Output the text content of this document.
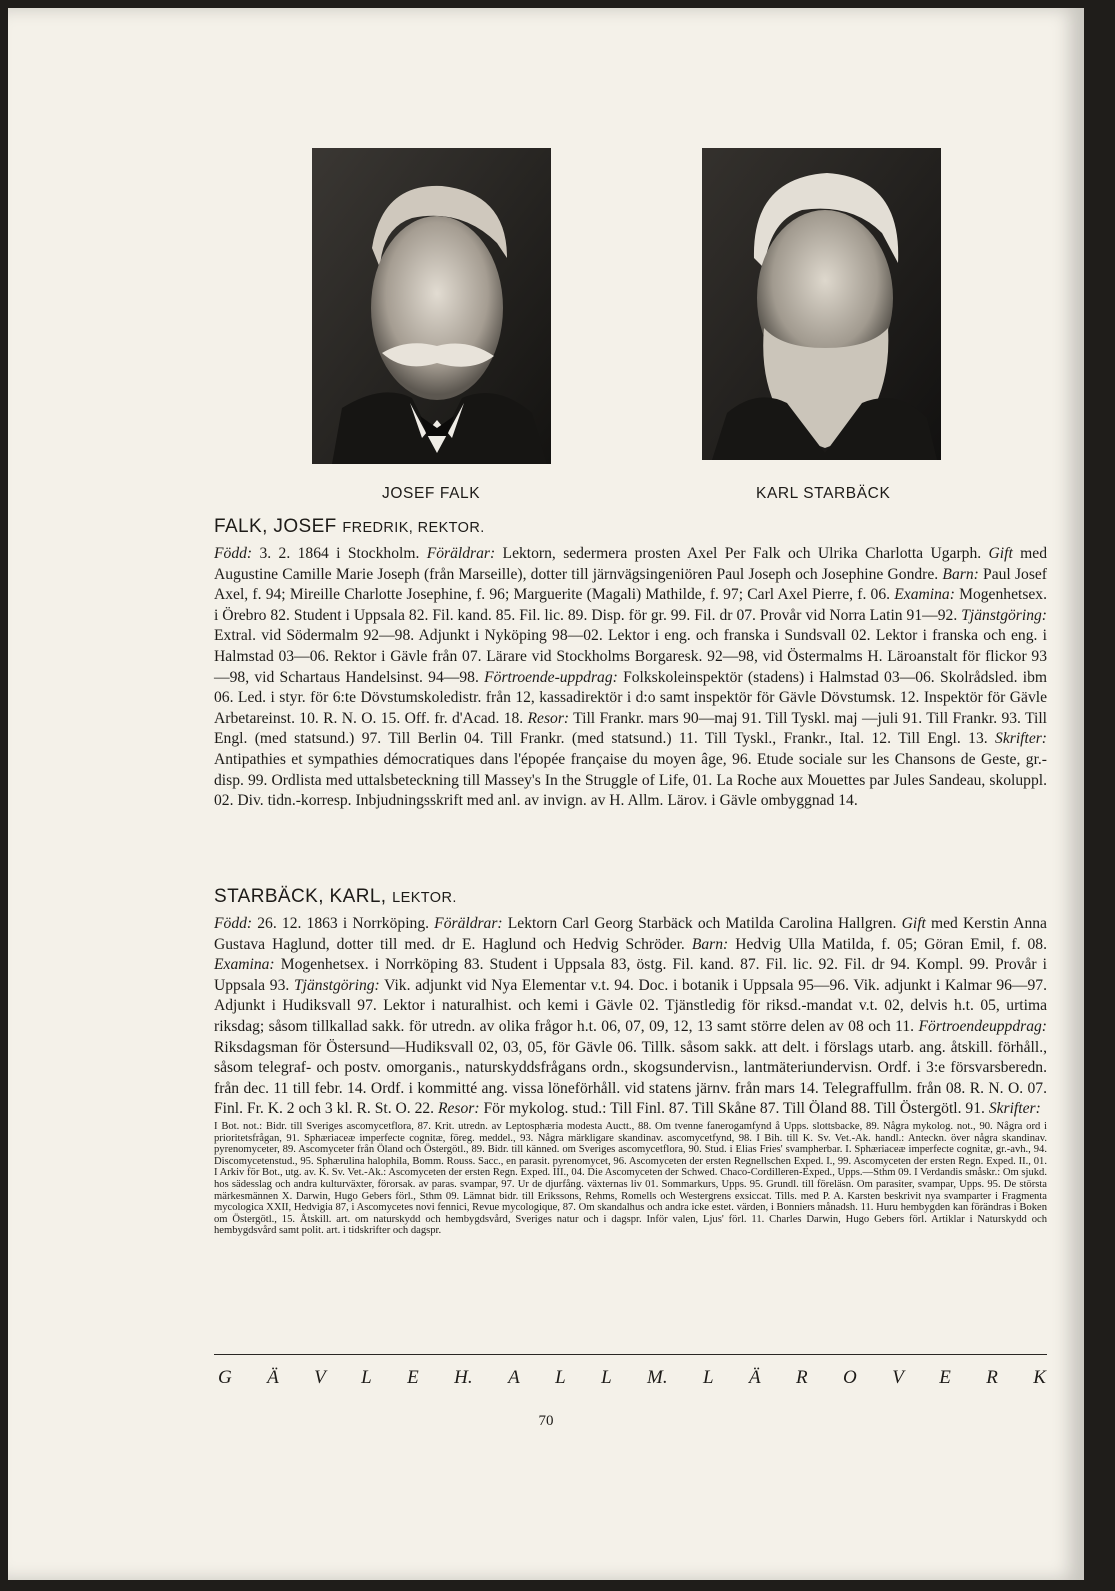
JOSEF FALK	KARL STARBÄCK
FALK, JOSEF FREDRIK, REKTOR.

Född: 3. 2. 1864 i Stockholm. Föräldrar: Lektorn, sedermera prosten Axel Per Falk och Ulrika Charlotta Ugarph. Gift med Augustine Camille Marie Joseph (från Marseille), dotter till järnvägsingeniören Paul Joseph och Josephine Gondre. Barn: Paul Josef Axel, f. 94; Mireille Charlotte Josephine, f. 96; Marguerite (Magali) Mathilde, f. 97; Carl Axel Pierre, f. 06. Examina: Mogenhetsex. i Örebro 82. Student i Uppsala 82. Fil. kand. 85. Fil. lic. 89. Disp. för gr. 99. Fil. dr 07. Provår vid Norra Latin 91—92. Tjänstgöring: Extral. vid Södermalm 92—98. Adjunkt i Nyköping 98—02. Lektor i eng. och franska i Sundsvall 02. Lektor i franska och eng. i Halmstad 03—06. Rektor i Gävle från 07. Lärare vid Stockholms Borgaresk. 92—98, vid Östermalms H. Läroanstalt för flickor 93—98, vid Schartaus Handelsinst. 94—98. Förtroende-uppdrag: Folkskoleinspektör (stadens) i Halmstad 03—06. Skolrådsled. ibm 06. Led. i styr. för 6:te Dövstumskoledistr. från 12, kassadirektör i d:o samt inspektör för Gävle Dövstumsk. 12. Inspektör för Gävle Arbetareinst. 10. R. N. O. 15. Off. fr. d'Acad. 18. Resor: Till Frankr. mars 90—maj 91. Till Tyskl. maj —juli 91. Till Frankr. 93. Till Engl. (med statsund.) 97. Till Berlin 04. Till Frankr. (med statsund.) 11. Till Tyskl., Frankr., Ital. 12. Till Engl. 13. Skrifter: Antipathies et sympathies démocratiques dans l'épopée française du moyen âge, 96. Etude sociale sur les Chansons de Geste, gr.-disp. 99. Ordlista med uttalsbeteckning till Massey's In the Struggle of Life, 01. La Roche aux Mouettes par Jules Sandeau, skoluppl. 02. Div. tidn.-korresp. Inbjudningsskrift med anl. av invign. av H. Allm. Lärov. i Gävle ombyggnad 14.

STARBÄCK, KARL, LEKTOR.

Född: 26. 12. 1863 i Norrköping. Föräldrar: Lektorn Carl Georg Starbäck och Matilda Carolina Hallgren. Gift med Kerstin Anna Gustava Haglund, dotter till med. dr E. Haglund och Hedvig Schröder. Barn: Hedvig Ulla Matilda, f. 05; Göran Emil, f. 08. Examina: Mogenhetsex. i Norrköping 83. Student i Uppsala 83, östg. Fil. kand. 87. Fil. lic. 92. Fil. dr 94. Kompl. 99. Provår i Uppsala 93. Tjänstgöring: Vik. adjunkt vid Nya Elementar v.t. 94. Doc. i botanik i Uppsala 95—96. Vik. adjunkt i Kalmar 96—97. Adjunkt i Hudiksvall 97. Lektor i naturalhist. och kemi i Gävle 02. Tjänstledig för riksd.-mandat v.t. 02, delvis h.t. 05, urtima riksdag; såsom tillkallad sakk. för utredn. av olika frågor h.t. 06, 07, 09, 12, 13 samt större delen av 08 och 11. Förtroendeuppdrag: Riksdagsman för Östersund—Hudiksvall 02, 03, 05, för Gävle 06. Tillk. såsom sakk. att delt. i förslags utarb. ang. åtskill. förhåll., såsom telegraf- och postv. omorganis., naturskyddsfrågans ordn., skogsundervisn., lantmäteriundervisn. Ordf. i 3:e försvarsberedn. från dec. 11 till febr. 14. Ordf. i kommitté ang. vissa löneförhåll. vid statens järnv. från mars 14. Telegraffullm. från 08. R. N. O. 07. Finl. Fr. K. 2 och 3 kl. R. St. O. 22. Resor: För mykolog. stud.: Till Finl. 87. Till Skåne 87. Till Öland 88. Till Östergötl. 91. Skrifter:
I Bot. not.: Bidr. till Sveriges ascomycetflora, 87. Krit. utredn. av Leptosphæria modesta Auctt., 88. Om tvenne fanerogamfynd å Upps. slottsbacke, 89. Några mykolog. not., 90. Några ord i prioritetsfrågan, 91. Sphæriaceæ imperfecte cognitæ, föreg. meddel., 93. Några märkligare skandinav. ascomycetfynd, 98. I Bih. till K. Sv. Vet.-Ak. handl.: Anteckn. över några skandinav. pyrenomyceter, 89. Ascomyceter från Öland och Östergötl., 89. Bidr. till känned. om Sveriges ascomycetflora, 90. Stud. i Elias Fries' svampherbar. I. Sphæriaceæ imperfecte cognitæ, gr.-avh., 94. Discomycetenstud., 95. Sphærulina halophila, Bomm. Rouss. Sacc., en parasit. pyrenomycet, 96. Ascomyceten der ersten Regnellschen Exped. I., 99. Ascomyceten der ersten Regn. Exped. II., 01. I Arkiv för Bot., utg. av. K. Sv. Vet.-Ak.: Ascomyceten der ersten Regn. Exped. III., 04. Die Ascomyceten der Schwed. Chaco-Cordilleren-Exped., Upps.—Sthm 09. I Verdandis småskr.: Om sjukd. hos sädesslag och andra kulturväxter, förorsak. av paras. svampar, 97. Ur de djurfång. växternas liv 01. Sommarkurs, Upps. 95. Grundl. till föreläsn. Om parasiter, svampar, Upps. 95. De största märkesmännen X. Darwin, Hugo Gebers förl., Sthm 09. Lämnat bidr. till Erikssons, Rehms, Romells och Westergrens exsiccat. Tills. med P. A. Karsten beskrivit nya svamparter i Fragmenta mycologica XXII, Hedvigia 87, i Ascomycetes novi fennici, Revue mycologique, 87. Om skandalhus och andra icke estet. värden, i Bonniers månadsh. 11. Huru hembygden kan förändras i Boken om Östergötl., 15. Åtskill. art. om naturskydd och hembygdsvård, Sveriges natur och i dagspr. Inför valen, Ljus' förl. 11. Charles Darwin, Hugo Gebers förl. Artiklar i Naturskydd och hembygdsvård samt polit. art. i tidskrifter och dagspr.

G Ä V L E H. A L L M. L Ä R O V E R K
70
